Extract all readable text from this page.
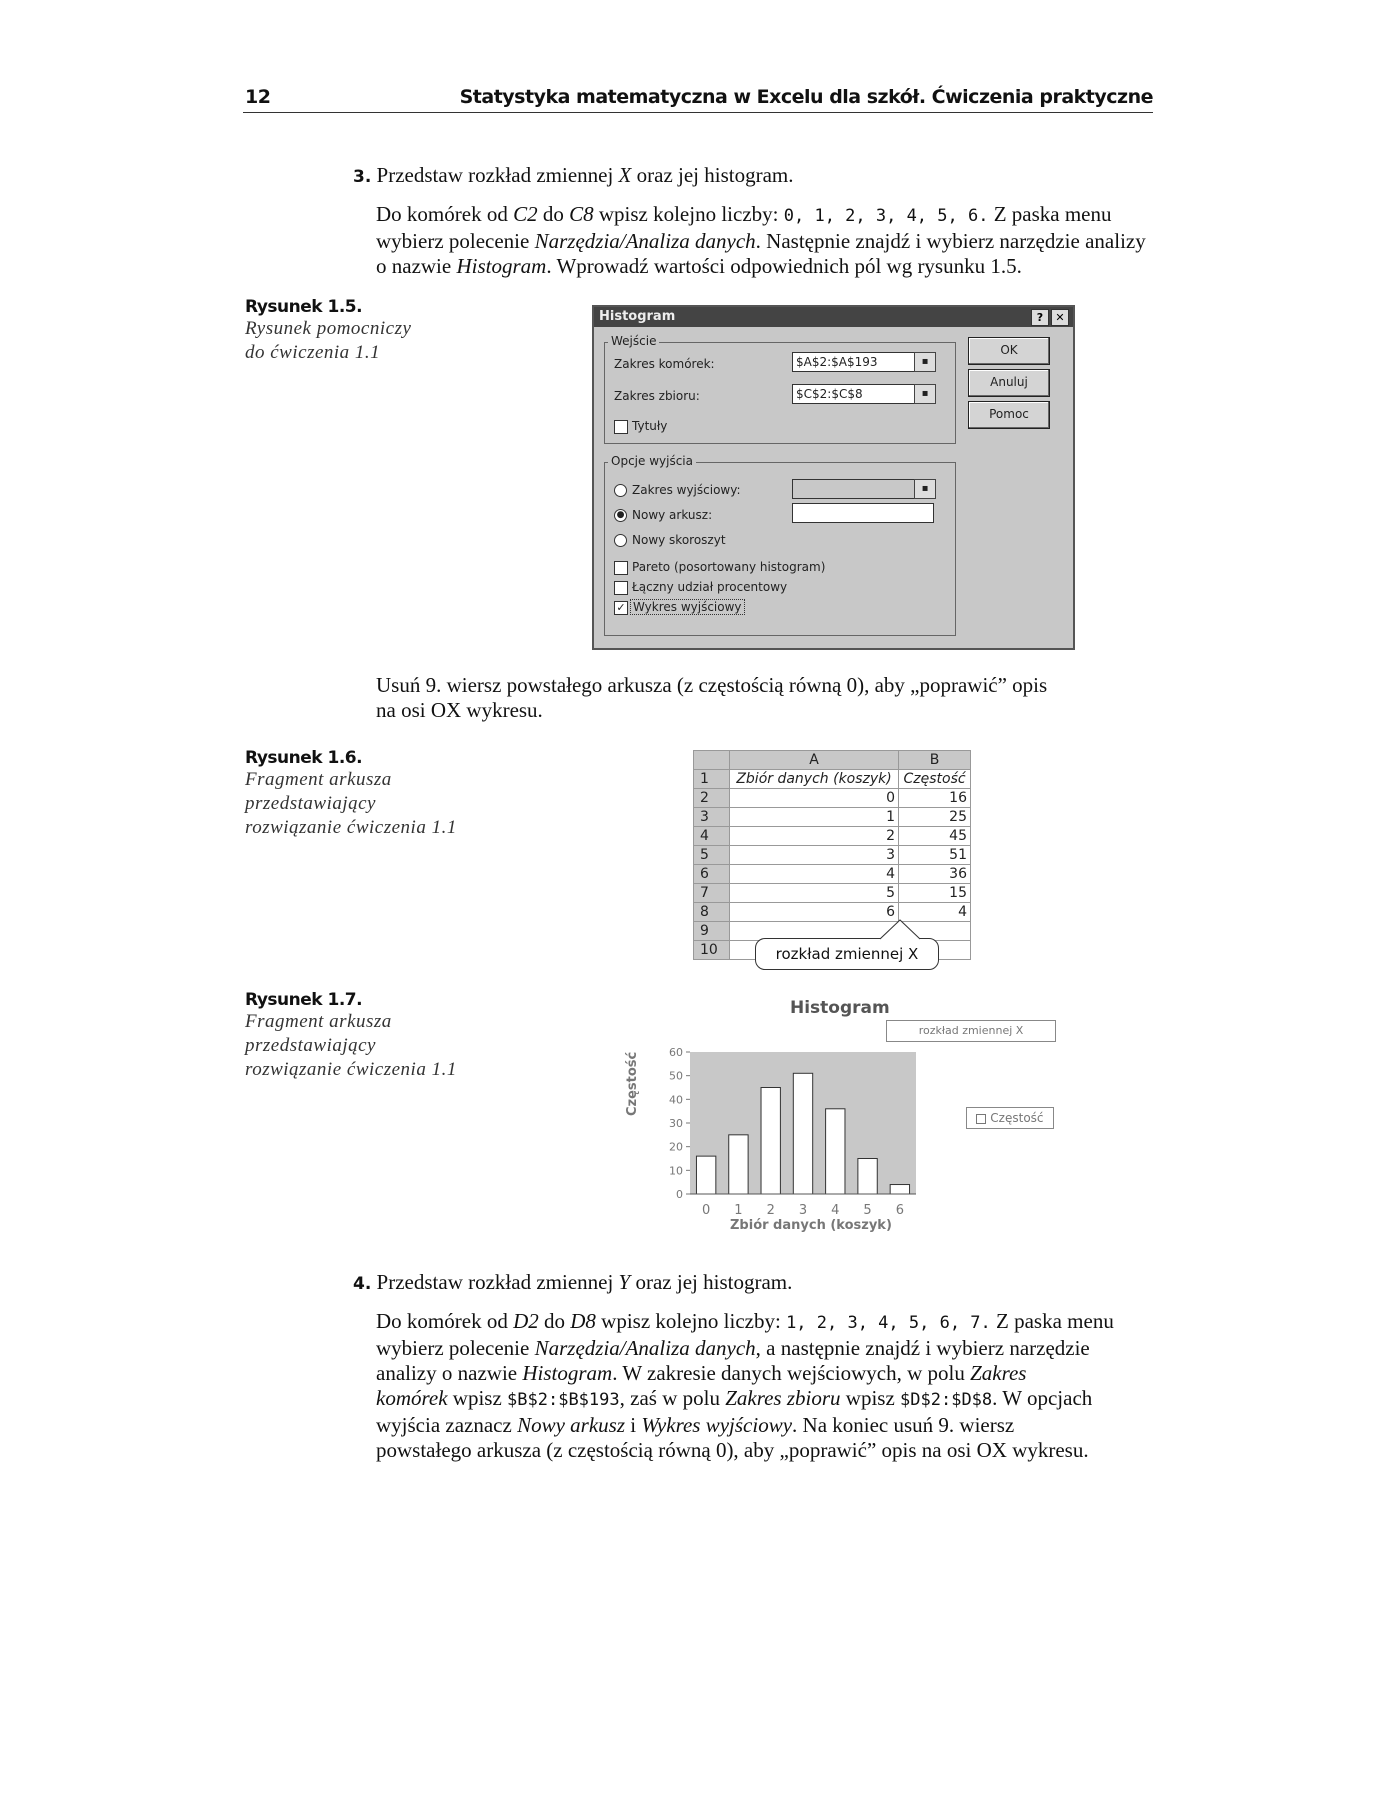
12	Statystyka matematyczna w Excelu dla szkół. Ćwiczenia praktyczne
3. Przedstaw rozkład zmiennej X oraz jej histogram.
Do komórek od C2 do C8 wpisz kolejno liczby: 0, 1, 2, 3, 4, 5, 6. Z paska menu wybierz polecenie Narzędzia/Analiza danych. Następnie znajdź i wybierz narzędzie analizy o nazwie Histogram. Wprowadź wartości odpowiednich pól wg rysunku 1.5.
Rysunek 1.5.
Rysunek pomocniczy
do ćwiczenia 1.1
Histogram	?	✕
Wejście
Zakres komórek:	$A$2:$A$193	▪
Zakres zbioru:	$C$2:$C$8	▪
Tytuły
OK
Anuluj
Pomoc
Opcje wyjścia
Zakres wyjściowy:	▪
● Nowy arkusz:
Nowy skoroszyt
Pareto (posortowany histogram)
Łączny udział procentowy
✓ Wykres wyjściowy
Usuń 9. wiersz powstałego arkusza (z częstością równą 0), aby „poprawić” opis
na osi OX wykresu.
Rysunek 1.6.
Fragment arkusza
przedstawiający
rozwiązanie ćwiczenia 1.1
	A	B
1	Zbiór danych (koszyk)	Częstość
2	0	16
3	1	25
4	2	45
5	3	51
6	4	36
7	5	15
8	6	4
9		
10			rozkład zmiennej X
Rysunek 1.7.
Fragment arkusza
przedstawiający
rozwiązanie ćwiczenia 1.1
Histogram
rozkład zmiennej X
Częstość
0
10
20
30
40
50
60
0 1 2 3 4 5 6
Zbiór danych (koszyk)
Częstość
4. Przedstaw rozkład zmiennej Y oraz jej histogram.
Do komórek od D2 do D8 wpisz kolejno liczby: 1, 2, 3, 4, 5, 6, 7. Z paska menu
wybierz polecenie Narzędzia/Analiza danych, a następnie znajdź i wybierz narzędzie
analizy o nazwie Histogram. W zakresie danych wejściowych, w polu Zakres
komórek wpisz $B$2:$B$193, zaś w polu Zakres zbioru wpisz $D$2:$D$8. W opcjach
wyjścia zaznacz Nowy arkusz i Wykres wyjściowy. Na koniec usuń 9. wiersz
powstałego arkusza (z częstością równą 0), aby „poprawić” opis na osi OX wykresu.
